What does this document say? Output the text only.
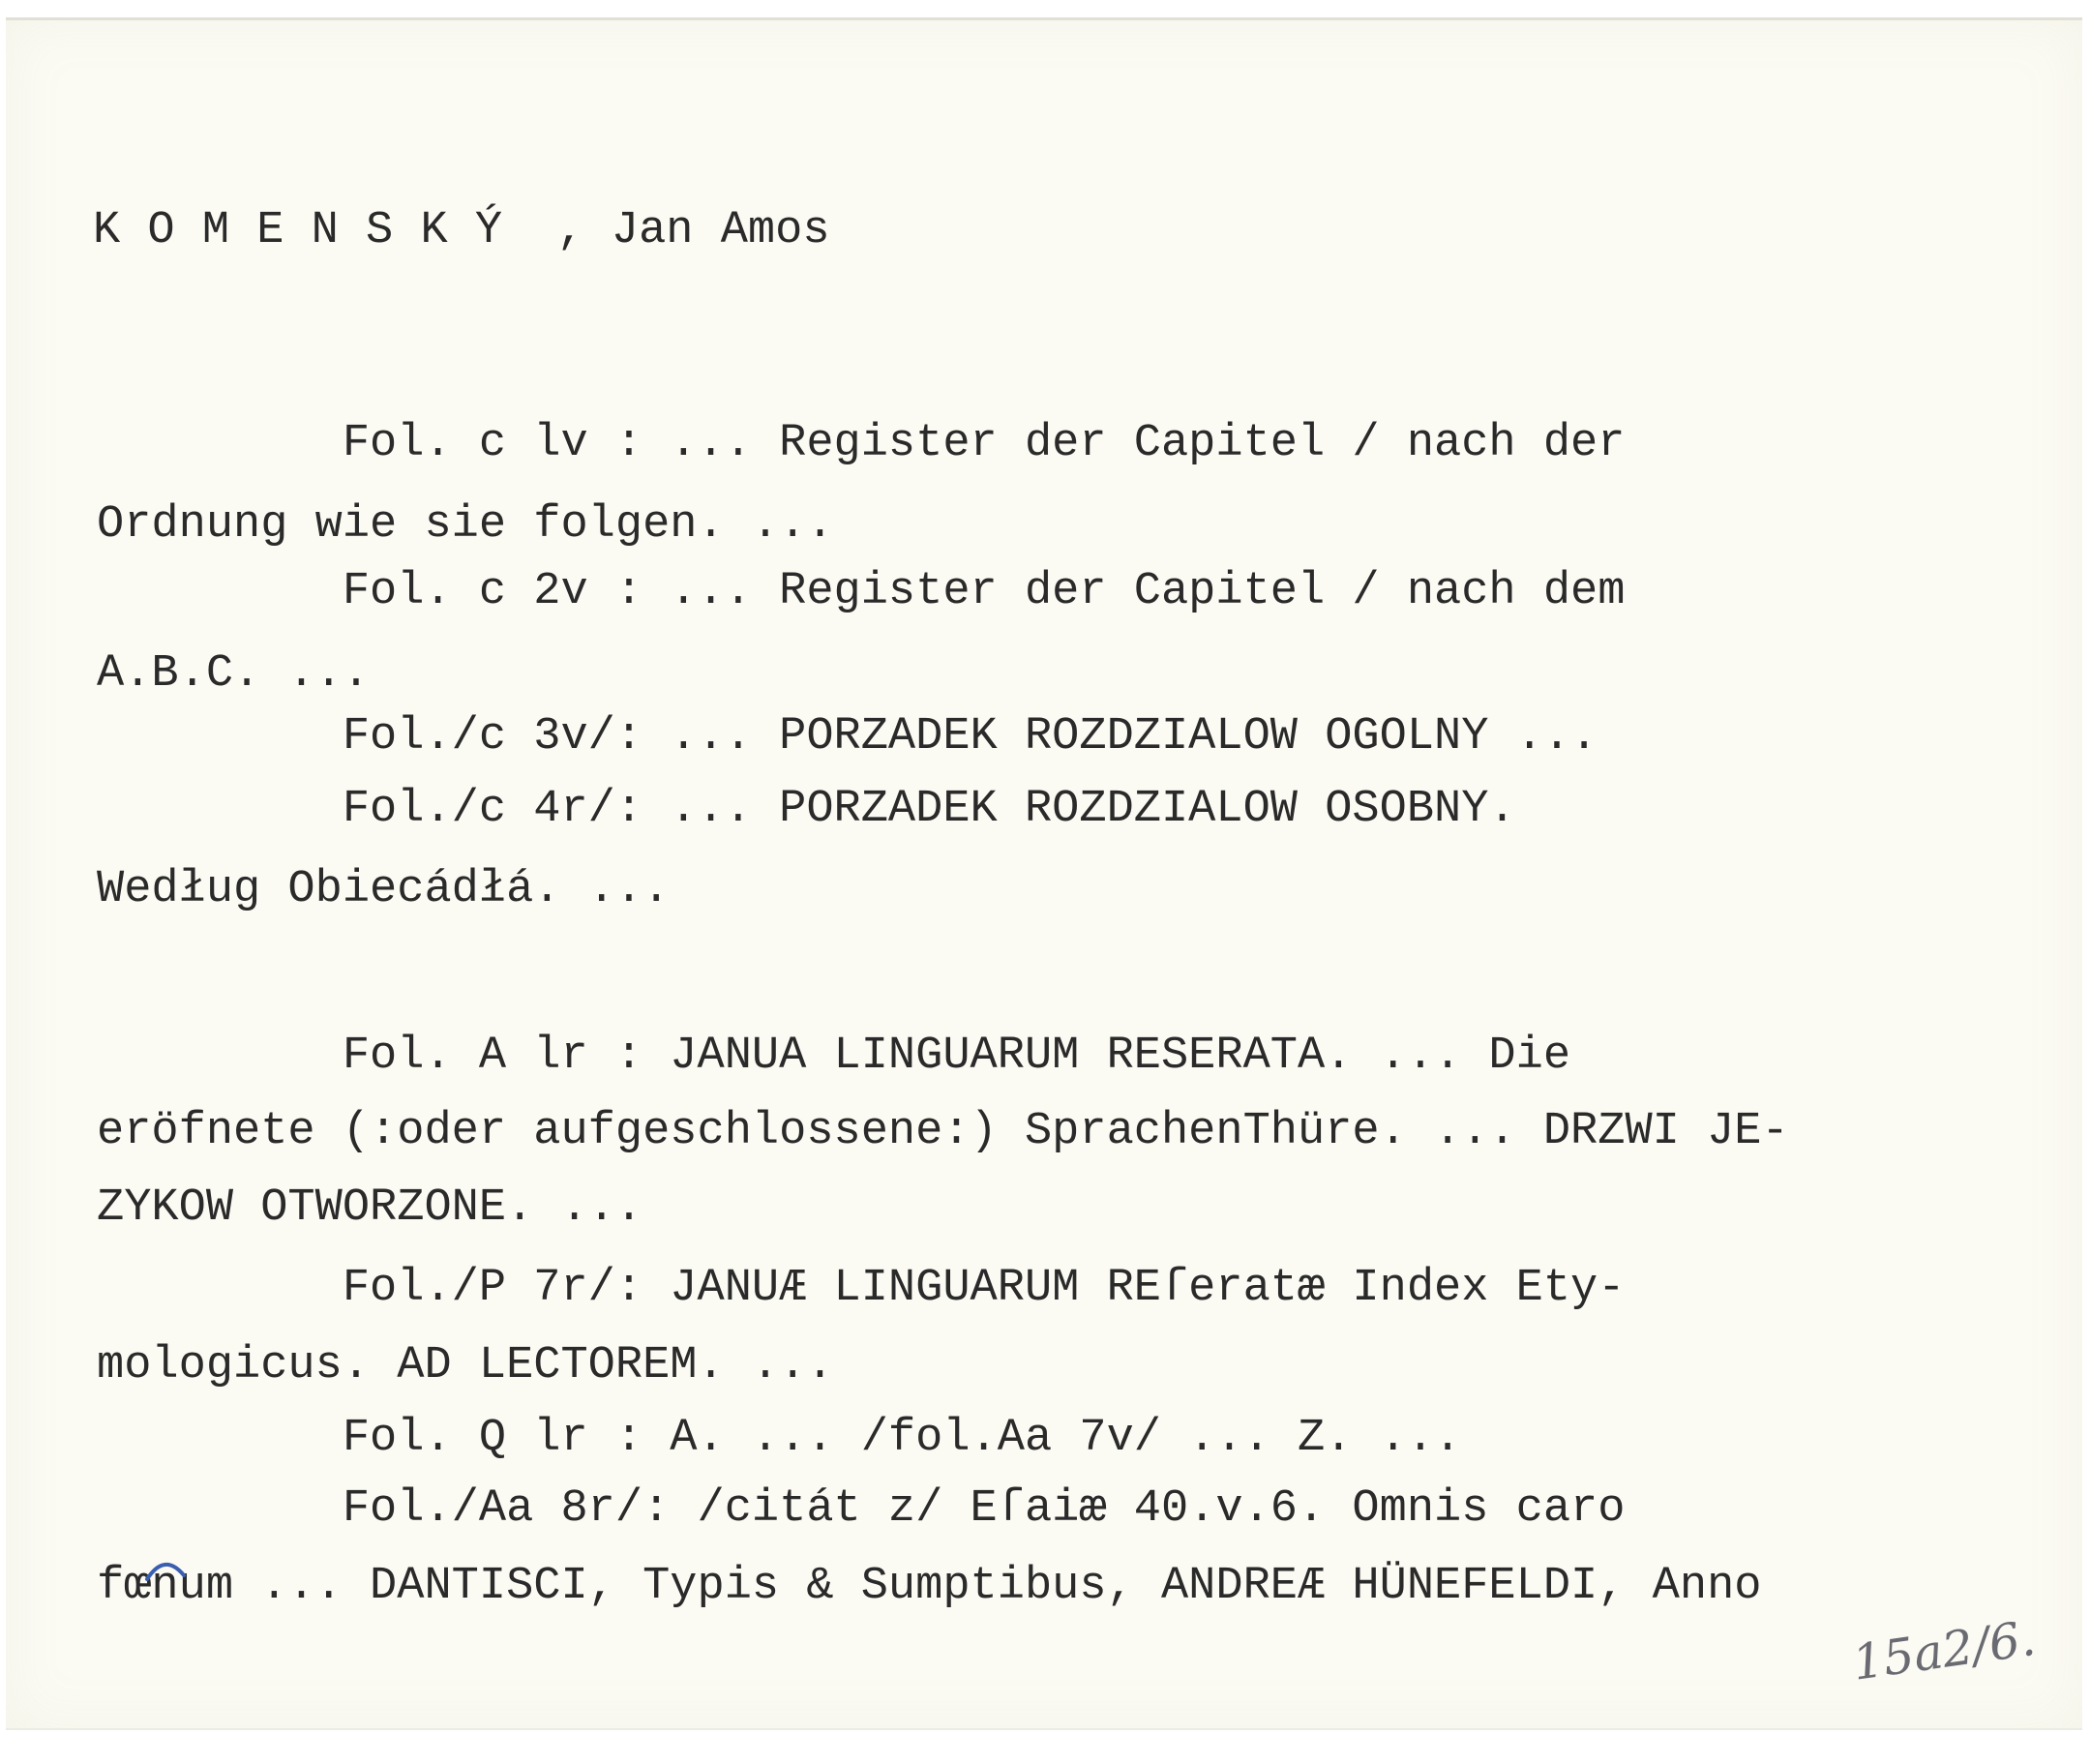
K O M E N S K Ý  , Jan Amos
Fol. c lv : ... Register der Capitel / nach der
Ordnung wie sie folgen. ...
Fol. c 2v : ... Register der Capitel / nach dem
A.B.C. ...
Fol./c 3v/: ... PORZADEK ROZDZIALOW OGOLNY ...
Fol./c 4r/: ... PORZADEK ROZDZIALOW OSOBNY.
Według Obiecádłá. ...
Fol. A lr : JANUA LINGUARUM RESERATA. ... Die
eröfnete (:oder aufgeschlossene:) SprachenThüre. ... DRZWI JE-
ZYKOW OTWORZONE. ...
Fol./P 7r/: JANUÆ LINGUARUM REſeratæ Index Ety-
mologicus. AD LECTOREM. ...
Fol. Q lr : A. ... /fol.Aa 7v/ ... Z. ...
Fol./Aa 8r/: /citát z/ Eſaiæ 40.v.6. Omnis caro
fœnum ... DANTISCI, Typis & Sumptibus, ANDREÆ HÜNEFELDI, Anno
15a2/6.
